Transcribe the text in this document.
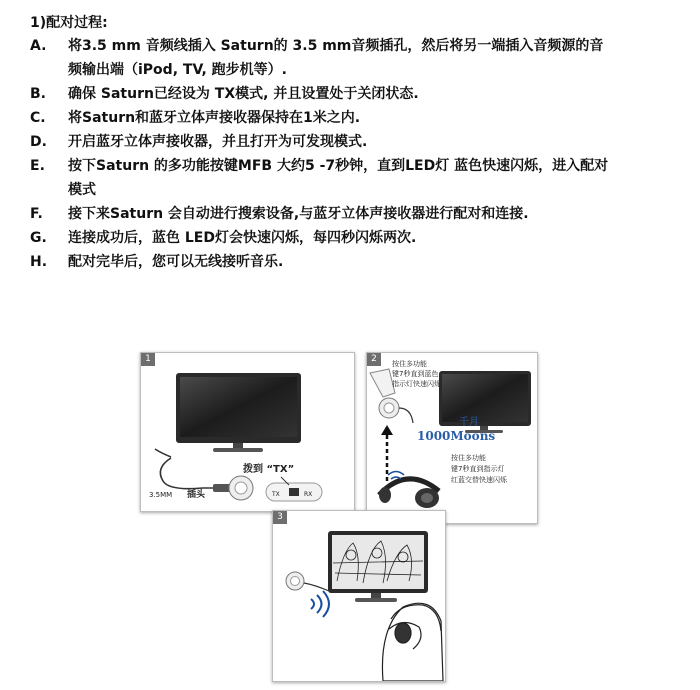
1)配对过程:
A.	将3.5 mm 音频线插入 Saturn的 3.5 mm音频插孔，然后将另一端插入音频源的音
频输出端（iPod, TV, 跑步机等）.
B.	确保 Saturn已经设为 TX模式, 并且设置处于关闭状态.
C.	将Saturn和蓝牙立体声接收器保持在1米之内.
D.	开启蓝牙立体声接收器，并且打开为可发现模式.
E.	按下Saturn 的多功能按键MFB 大约5 -7秒钟，直到LED灯 蓝色快速闪烁，进入配对
模式
F.	接下来Saturn 会自动进行搜索设备,与蓝牙立体声接收器进行配对和连接.
G.	连接成功后，蓝色 LED灯会快速闪烁，每四秒闪烁两次.
H.	配对完毕后，您可以无线接听音乐.
1
3.5MM 插头
拨到 “TX”
TX	RX
2	按住多功能
键7秒直到蓝色
指示灯快速闪烁
按住多功能
键7秒直到指示灯
红蓝交替快速闪烁
千月
1000Moons
3
